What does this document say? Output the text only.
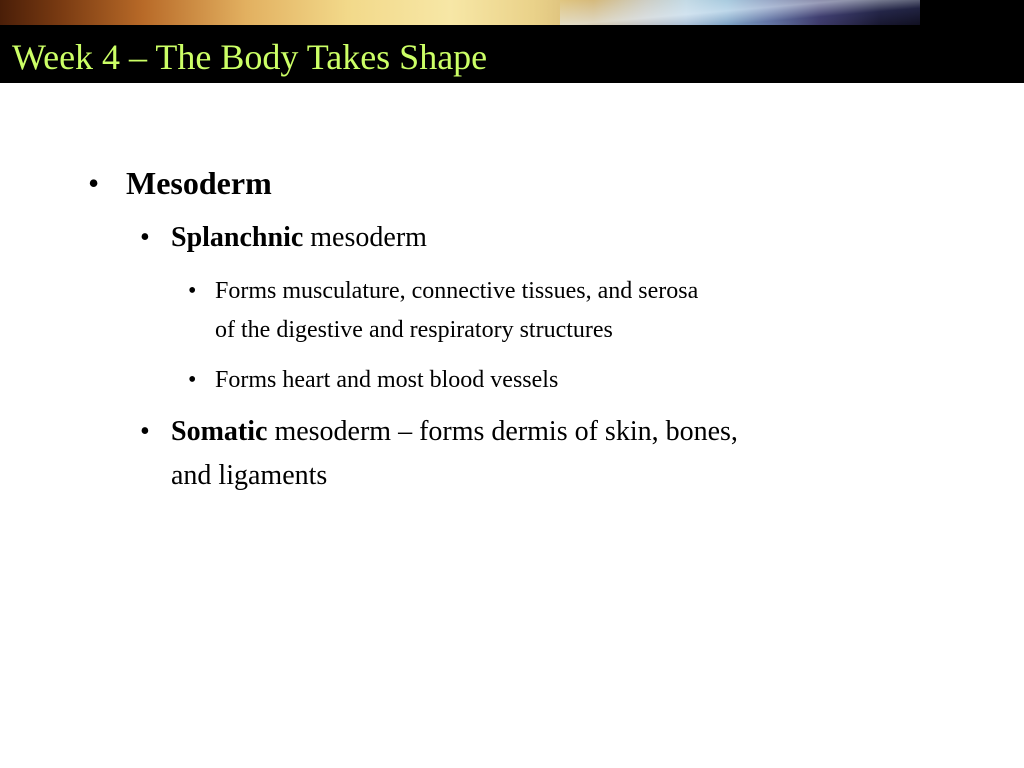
Week 4 – The Body Takes Shape
• Mesoderm
• Splanchnic mesoderm
• Forms musculature, connective tissues, and serosa
of the digestive and respiratory structures
• Forms heart and most blood vessels
• Somatic mesoderm – forms dermis of skin, bones,
and ligaments
